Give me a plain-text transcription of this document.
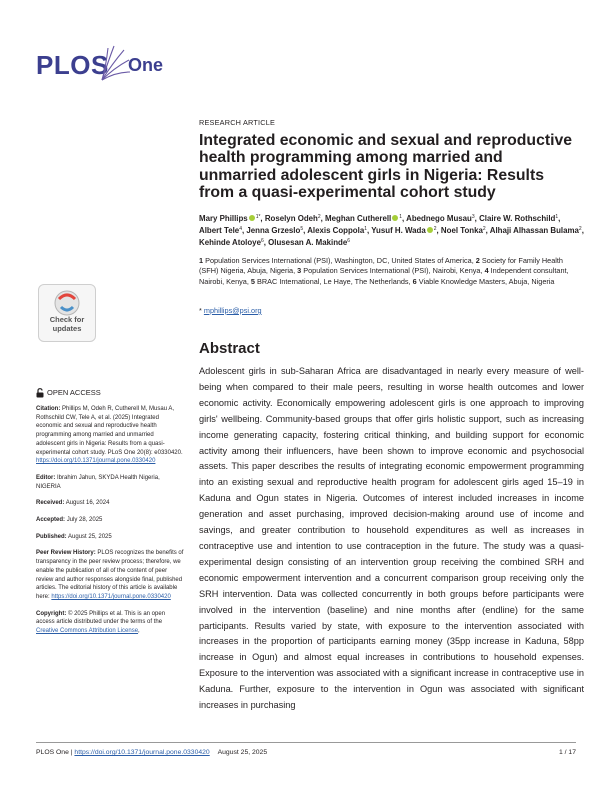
PLOS One
Check for
updates
RESEARCH ARTICLE
Integrated economic and sexual and reproductive health programming among married and unmarried adolescent girls in Nigeria: Results from a quasi-experimental cohort study
Mary Phillips $^{1*}$, Roselyn Odeh$^2$, Meghan Cutherell $^1$, Abednego Musau$^3$, Claire W. Rothschild$^1$, Albert Tele$^4$, Jenna Grzeslo$^5$, Alexis Coppola$^1$, Yusuf H. Wada $^2$, Noel Tonka$^2$, Alhaji Alhassan Bulama$^2$, Kehinde Atoloye$^6$, Olusesan A. Makinde$^6$
1 Population Services International (PSI), Washington, DC, United States of America, 2 Society for Family Health (SFH) Nigeria, Abuja, Nigeria, 3 Population Services International (PSI), Nairobi, Kenya, 4 Independent consultant, Nairobi, Kenya, 5 BRAC International, Le Haye, The Netherlands, 6 Viable Knowledge Masters, Abuja, Nigeria
* mphillips@psi.org
Abstract

Adolescent girls in sub-Saharan Africa are disadvantaged in nearly every measure of well-being when compared to their male peers, resulting in worse health outcomes and lower economic activity. Economically empowering adolescent girls is one approach to improving girls' wellbeing. Community-based groups that offer girls holistic support, such as increasing income generating capacity, fostering critical thinking, and building support for economic activity among their influencers, have been shown to improve economic and psychosocial assets. This paper describes the results of integrating economic empowerment programming into an existing sexual and reproductive health program for adolescent girls aged 15–19 in Kaduna and Ogun states in Nigeria. Outcomes of interest included increases in income generation and asset purchasing, improved decision-making around use of income and savings, and greater contribution to household expenditures as well as increases in contraceptive use and intention to use contraception in the future. The study was a quasi-experimental design consisting of an intervention group receiving the combined SRH and economic empowerment intervention and a concurrent comparison group receiving only the SRH intervention. Data was collected concurrently in both groups before participants were involved in the intervention (baseline) and nine months after (endline) for the same participants. Results varied by state, with exposure to the intervention associated with increases in the proportion of participants earning money (35pp increase in Kaduna, 58pp increase in Ogun) and almost equal increases in contributions to household expenses. Exposure to the intervention was associated with a significant increase in contraceptive use in Kaduna. Further, exposure to the intervention in Ogun was associated with significant increases in purchasing

OPEN ACCESS
Citation: Phillips M, Odeh R, Cutherell M, Musau A, Rothschild CW, Tele A, et al. (2025) Integrated economic and sexual and reproductive health programming among married and unmarried adolescent girls in Nigeria: Results from a quasi-experimental cohort study. PLoS One 20(8): e0330420. https://doi.org/10.1371/journal.pone.0330420
Editor: Ibrahim Jahun, SKYDA Health Nigeria, NIGERIA
Received: August 16, 2024
Accepted: July 28, 2025
Published: August 25, 2025
Peer Review History: PLOS recognizes the benefits of transparency in the peer review process; therefore, we enable the publication of all of the content of peer review and author responses alongside final, published articles. The editorial history of this article is available here: https://doi.org/10.1371/journal.pone.0330420
Copyright: © 2025 Phillips et al. This is an open access article distributed under the terms of the Creative Commons Attribution License,
PLOS One | https://doi.org/10.1371/journal.pone.0330420 August 25, 2025	1 / 17
